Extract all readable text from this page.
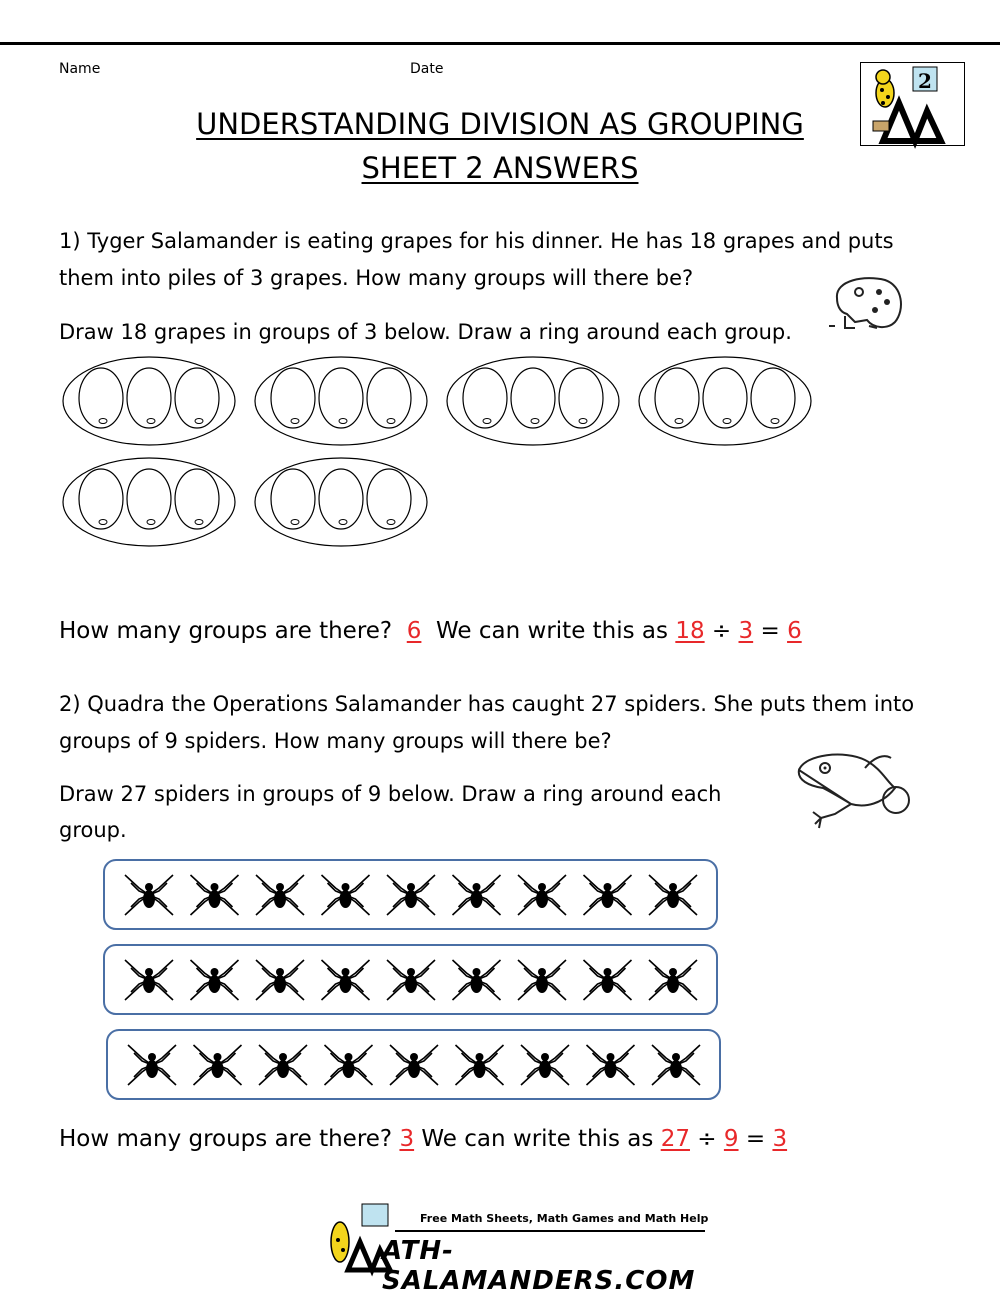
Name	Date	2
UNDERSTANDING DIVISION AS GROUPING
SHEET 2 ANSWERS
1) Tyger Salamander is eating grapes for his dinner. He has 18 grapes and puts
them into piles of 3 grapes. How many groups will there be?
Draw 18 grapes in groups of 3 below. Draw a ring around each group.
How many groups are there? 6 We can write this as 18 ÷ 3 = 6
2) Quadra the Operations Salamander has caught 27 spiders. She puts them into
groups of 9 spiders. How many groups will there be?
Draw 27 spiders in groups of 9 below. Draw a ring around each
group.
How many groups are there? 3 We can write this as 27 ÷ 9 = 3
Free Math Sheets, Math Games and Math Help
ATH-SALAMANDERS.COM
